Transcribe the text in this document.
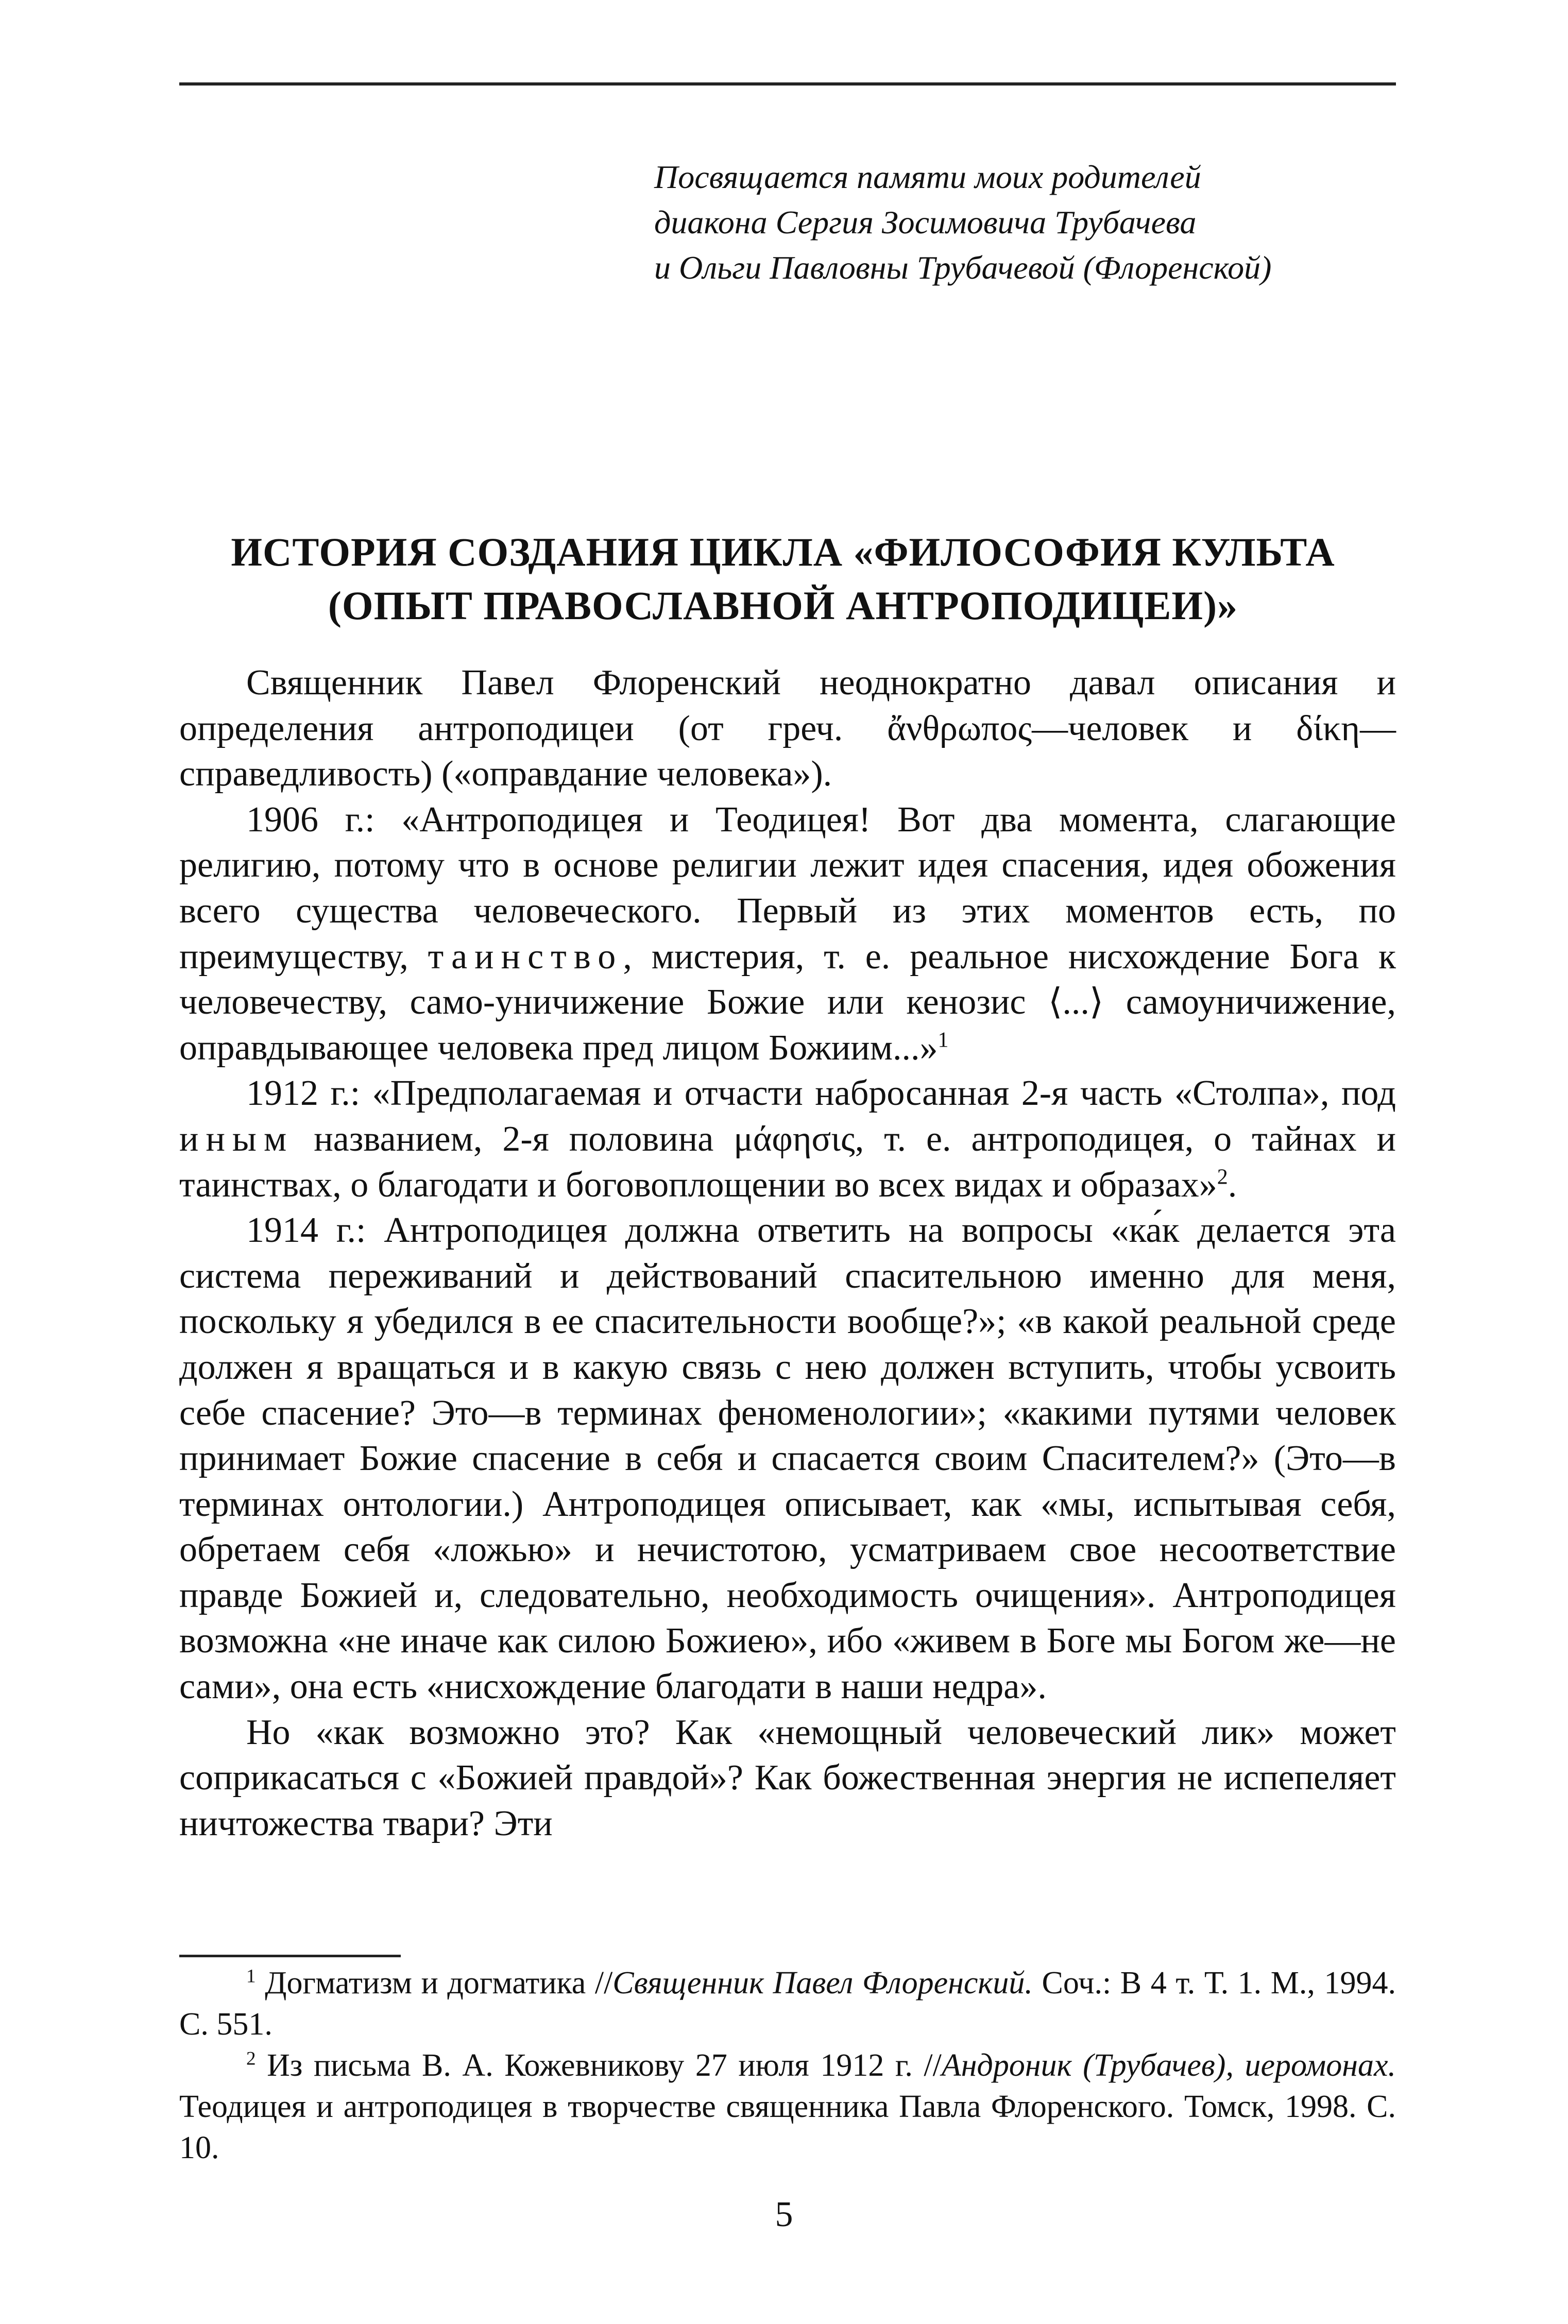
Посвящается памяти моих родителей
диакона Сергия Зосимовича Трубачева
и Ольги Павловны Трубачевой (Флоренской)
ИСТОРИЯ СОЗДАНИЯ ЦИКЛА «ФИЛОСОФИЯ КУЛЬТА
(ОПЫТ ПРАВОСЛАВНОЙ АНТРОПОДИЦЕИ)»

Священник Павел Флоренский неоднократно давал описания и определения антроподицеи (от греч. ἄνθρωπος—человек и δίκη—справедливость) («оправдание человека»).

1906 г.: «Антроподицея и Теодицея! Вот два момента, слагающие религию, потому что в основе религии лежит идея спасения, идея обожения всего существа человеческого. Первый из этих моментов есть, по преимуществу, таинство, мистерия, т. е. реальное нисхождение Бога к человечеству, само-уничижение Божие или кенозис ⟨...⟩ самоуничижение, оправдывающее человека пред лицом Божиим...»$^1$

1912 г.: «Предполагаемая и отчасти набросанная 2-я часть «Столпа», под иным названием, 2-я половина μάφησις, т. е. антроподицея, о тайнах и таинствах, о благодати и боговоплощении во всех видах и образах»$^2$.

1914 г.: Антроподицея должна ответить на вопросы «ка́к делается эта система переживаний и действований спасительною именно для меня, поскольку я убедился в ее спасительности вообще?»; «в какой реальной среде должен я вращаться и в какую связь с нею должен вступить, чтобы усвоить себе спасение? Это—в терминах феноменологии»; «какими путями человек принимает Божие спасение в себя и спасается своим Спасителем?» (Это—в терминах онтологии.) Антроподицея описывает, как «мы, испытывая себя, обретаем себя «ложью» и нечистотою, усматриваем свое несоответствие правде Божией и, следовательно, необходимость очищения». Антроподицея возможна «не иначе как силою Божиею», ибо «живем в Боге мы Богом же—не сами», она есть «нисхождение благодати в наши недра».

Но «как возможно это? Как «немощный человеческий лик» может соприкасаться с «Божией правдой»? Как божественная энергия не испепеляет ничтожества твари? Эти

$^1$ Догматизм и догматика //Священник Павел Флоренский. Соч.: В 4 т. Т. 1. М., 1994. С. 551.

$^2$ Из письма В. А. Кожевникову 27 июля 1912 г. //Андроник (Трубачев), иеромонах. Теодицея и антроподицея в творчестве священника Павла Флоренского. Томск, 1998. С. 10.

5
